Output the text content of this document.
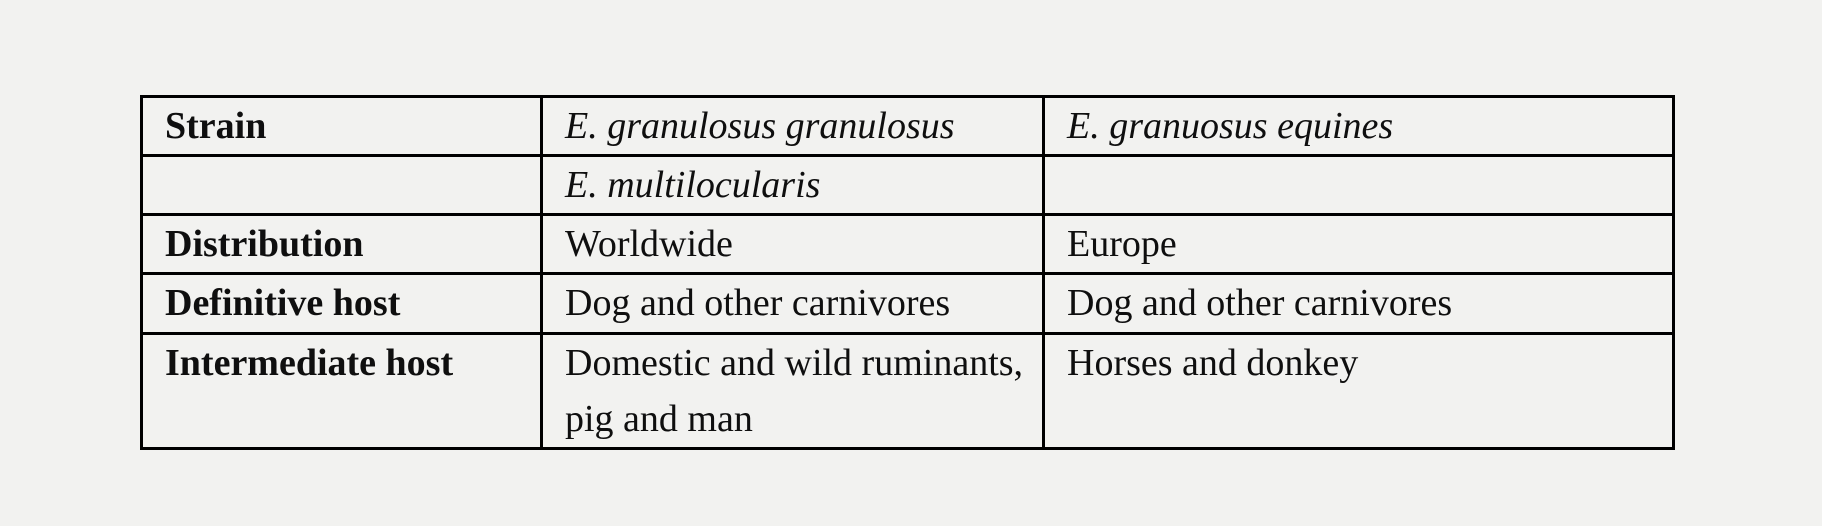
Strain	E. granulosus granulosus	E. granuosus equines
	E. multilocularis	
Distribution	Worldwide	Europe
Definitive host	Dog and other carnivores	Dog and other carnivores
Intermediate host	Domestic and wild ruminants, pig and man	Horses and donkey
